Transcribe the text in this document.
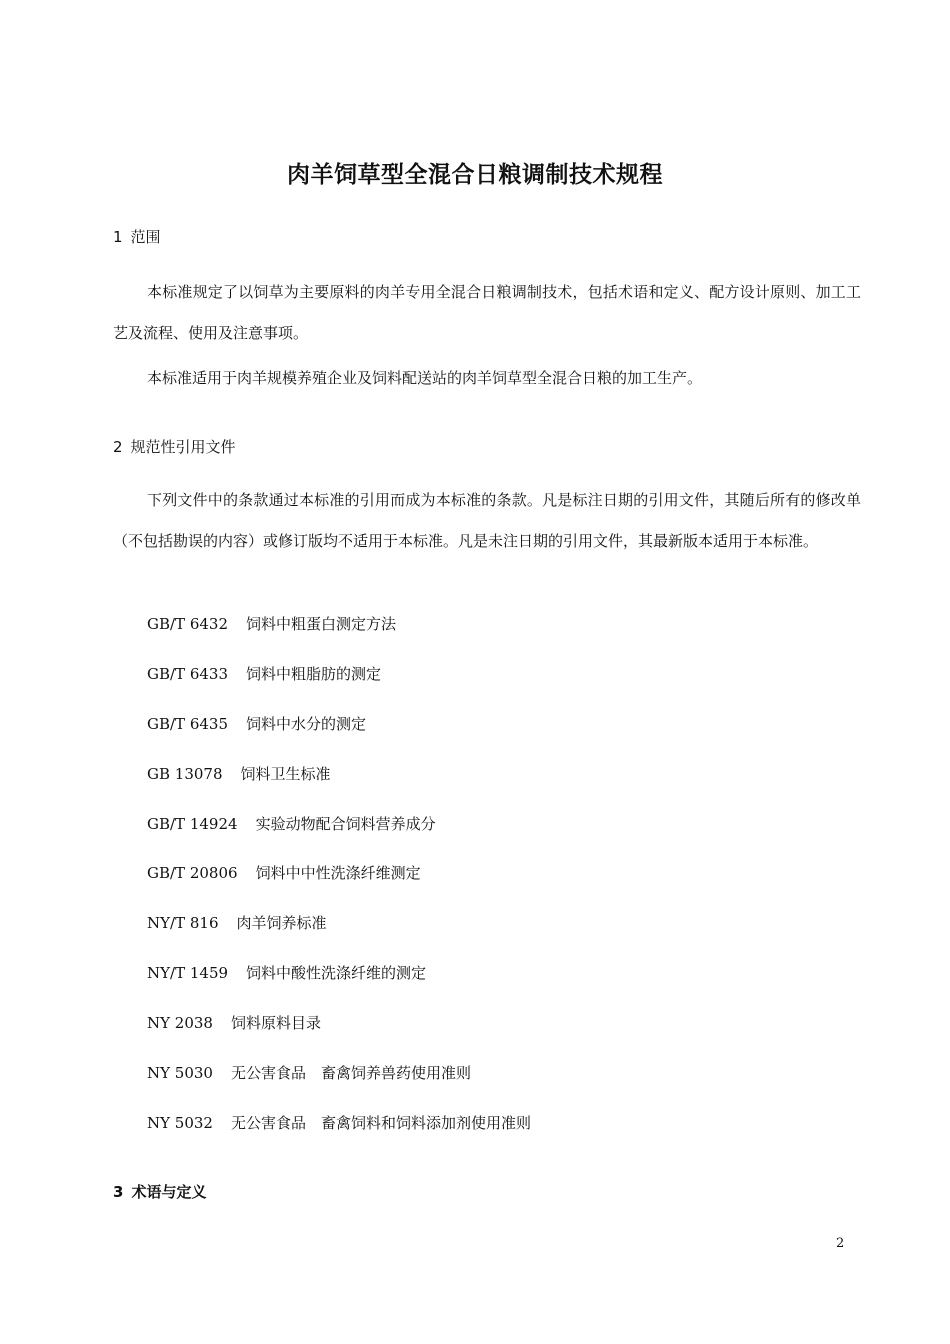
肉羊饲草型全混合日粮调制技术规程
1 范围

本标准规定了以饲草为主要原料的肉羊专用全混合日粮调制技术，包括术语和定义、配方设计原则、加工工艺及流程、使用及注意事项。

本标准适用于肉羊规模养殖企业及饲料配送站的肉羊饲草型全混合日粮的加工生产。

2 规范性引用文件

下列文件中的条款通过本标准的引用而成为本标准的条款。凡是标注日期的引用文件，其随后所有的修改单（不包括勘误的内容）或修订版均不适用于本标准。凡是未注日期的引用文件，其最新版本适用于本标准。

GB/T 6432 饲料中粗蛋白测定方法
GB/T 6433 饲料中粗脂肪的测定
GB/T 6435 饲料中水分的测定
GB 13078 饲料卫生标准
GB/T 14924 实验动物配合饲料营养成分
GB/T 20806 饲料中中性洗涤纤维测定
NY/T 816 肉羊饲养标准
NY/T 1459 饲料中酸性洗涤纤维的测定
NY 2038 饲料原料目录
NY 5030 无公害食品　畜禽饲养兽药使用准则
NY 5032 无公害食品　畜禽饲料和饲料添加剂使用准则
3 术语与定义
2
